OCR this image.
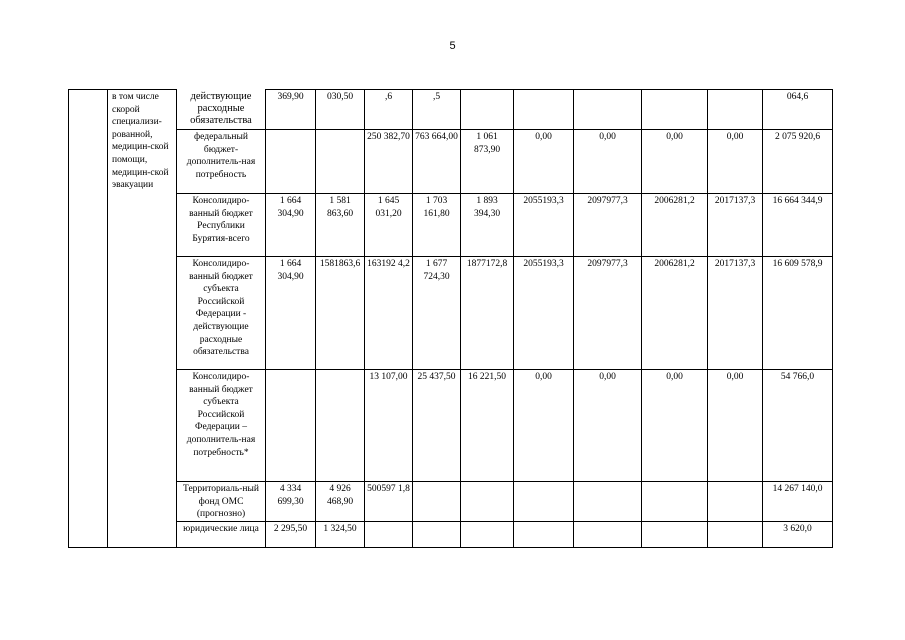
5
	в том числе скорой специализи-рованной, медицин-ской помощи, медицин-ской эвакуации	действующие расходные обязательства	369,90	030,50	,6	,5						064,6
		федеральный бюджет-дополнитель-ная потребность			250 382,70	763 664,00	1 061 873,90	0,00	0,00	0,00	0,00	2 075 920,6
		Консолидиро-ванный бюджет Республики Бурятия-всего	1 664 304,90	1 581 863,60	1 645 031,20	1 703 161,80	1 893 394,30	2055193,3	2097977,3	2006281,2	2017137,3	16 664 344,9
		Консолидиро-ванный бюджет субъекта Российской Федерации - действующие расходные обязательства	1 664 304,90	1581863,6	163192 4,2	1 677 724,30	1877172,8	2055193,3	2097977,3	2006281,2	2017137,3	16 609 578,9
		Консолидиро-ванный бюджет субъекта Российской Федерации – дополнитель-ная потребность*			13 107,00	25 437,50	16 221,50	0,00	0,00	0,00	0,00	54 766,0
		Территориаль-ный фонд ОМС (прогнозно)	4 334 699,30	4 926 468,90	500597 1,8							14 267 140,0
		юридические лица	2 295,50	1 324,50								3 620,0
